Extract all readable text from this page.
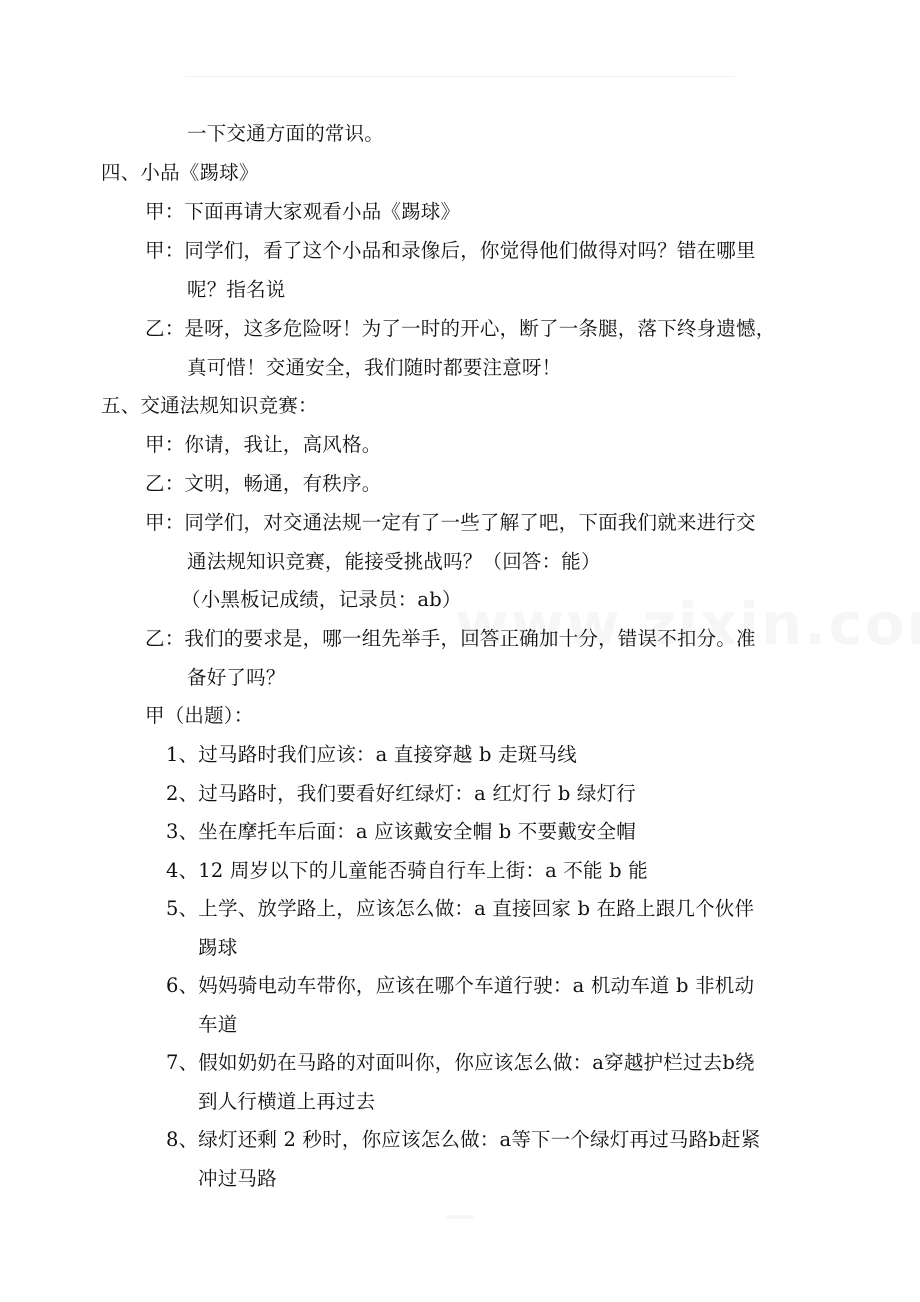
一下交通方面的常识。
四、小品《踢球》
甲：下面再请大家观看小品《踢球》
甲：同学们，看了这个小品和录像后，你觉得他们做得对吗？错在哪里
呢？指名说
乙：是呀，这多危险呀！为了一时的开心，断了一条腿，落下终身遗憾，
真可惜！交通安全，我们随时都要注意呀！
五、交通法规知识竞赛：
甲：你请，我让，高风格。
乙：文明，畅通，有秩序。
甲：同学们，对交通法规一定有了一些了解了吧，下面我们就来进行交
通法规知识竞赛，能接受挑战吗？（回答：能）
（小黑板记成绩，记录员：ab）
乙：我们的要求是，哪一组先举手，回答正确加十分，错误不扣分。准
备好了吗？
甲（出题）：
1、过马路时我们应该：a 直接穿越 b 走斑马线
2、过马路时，我们要看好红绿灯：a 红灯行 b 绿灯行
3、坐在摩托车后面：a 应该戴安全帽 b 不要戴安全帽
4、12 周岁以下的儿童能否骑自行车上街：a 不能 b 能
5、上学、放学路上，应该怎么做：a 直接回家 b 在路上跟几个伙伴
踢球
6、妈妈骑电动车带你，应该在哪个车道行驶：a 机动车道 b 非机动
车道
7、假如奶奶在马路的对面叫你，你应该怎么做：a穿越护栏过去b绕
到人行横道上再过去
8、绿灯还剩 2 秒时，你应该怎么做：a等下一个绿灯再过马路b赶紧
冲过马路
